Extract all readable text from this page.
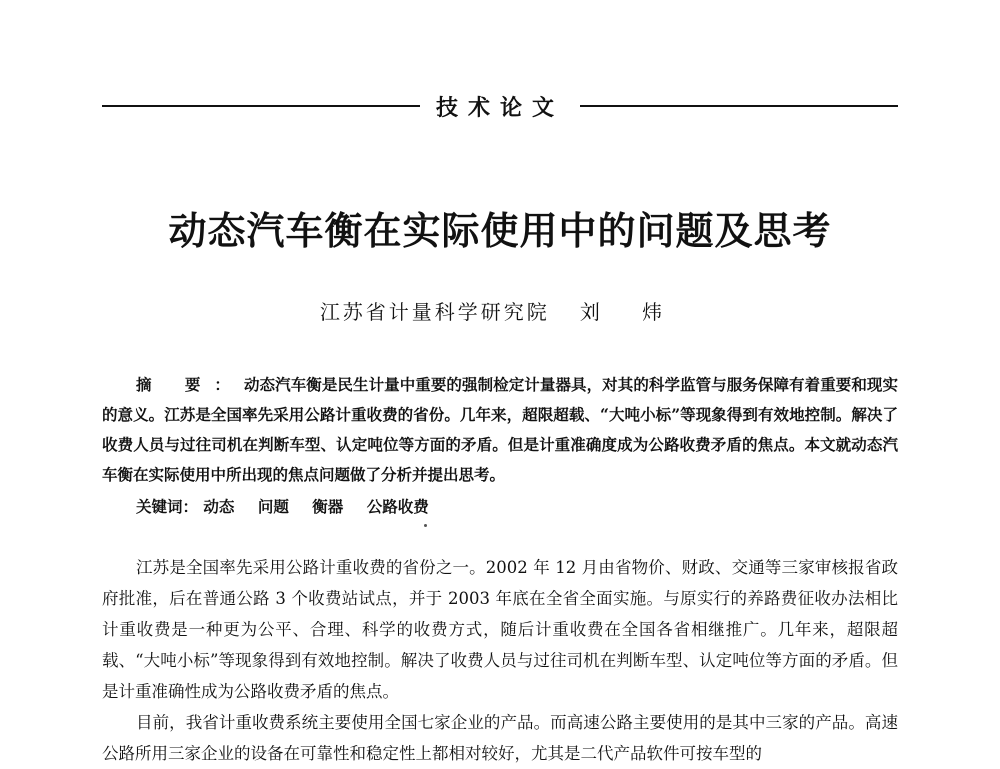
技术论文
动态汽车衡在实际使用中的问题及思考
江苏省计量科学研究院 刘 炜
摘 要：动态汽车衡是民生计量中重要的强制检定计量器具，对其的科学监管与服务保障有着重要和现实的意义。江苏是全国率先采用公路计重收费的省份。几年来，超限超载、“大吨小标”等现象得到有效地控制。解决了收费人员与过往司机在判断车型、认定吨位等方面的矛盾。但是计重准确度成为公路收费矛盾的焦点。本文就动态汽车衡在实际使用中所出现的焦点问题做了分析并提出思考。
关键词： 动态 问题 衡器 公路收费

江苏是全国率先采用公路计重收费的省份之一。2002 年 12 月由省物价、财政、交通等三家审核报省政府批准，后在普通公路 3 个收费站试点，并于 2003 年底在全省全面实施。与原实行的养路费征收办法相比计重收费是一种更为公平、合理、科学的收费方式，随后计重收费在全国各省相继推广。几年来，超限超载、“大吨小标”等现象得到有效地控制。解决了收费人员与过往司机在判断车型、认定吨位等方面的矛盾。但是计重准确性成为公路收费矛盾的焦点。

目前，我省计重收费系统主要使用全国七家企业的产品。而高速公路主要使用的是其中三家的产品。高速公路所用三家企业的设备在可靠性和稳定性上都相对较好，尤其是二代产品软件可按车型的
